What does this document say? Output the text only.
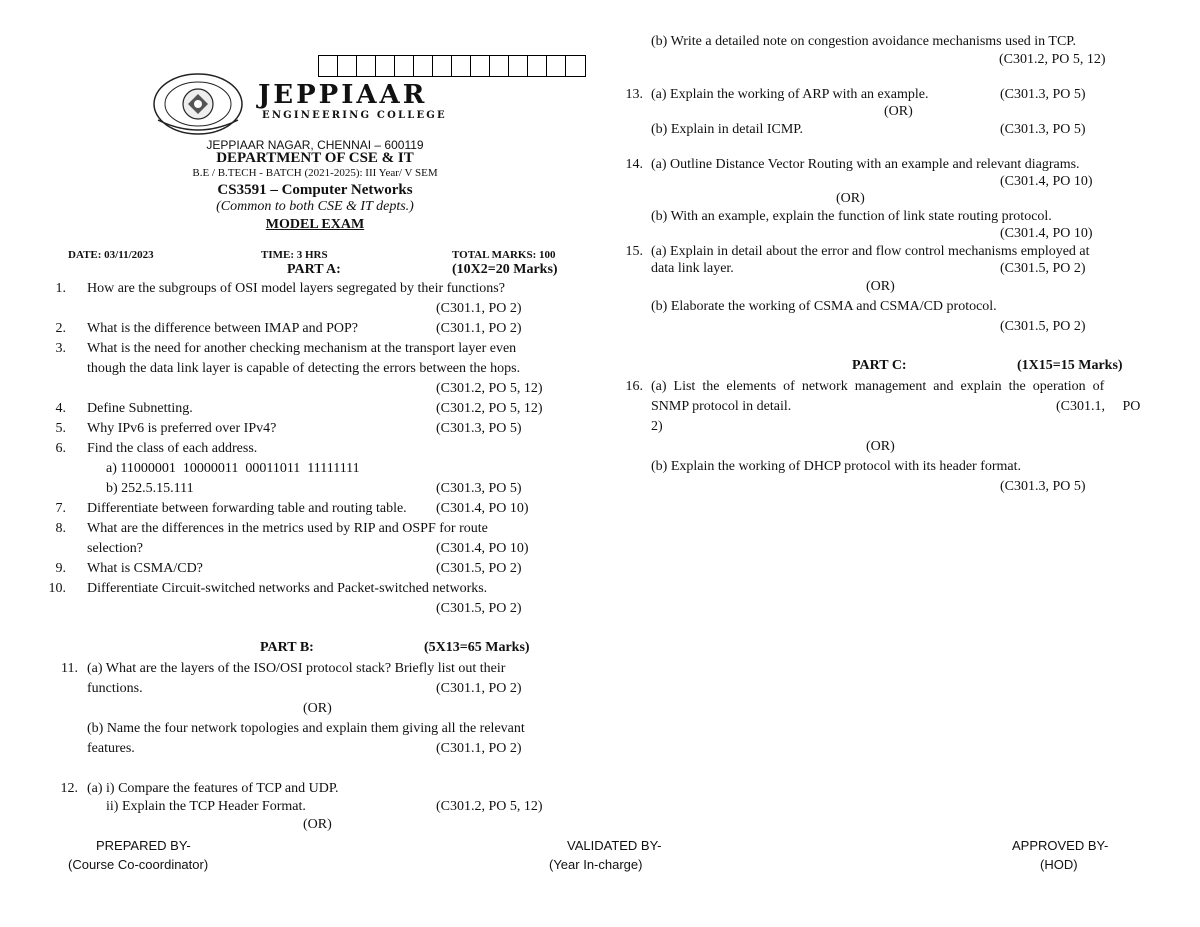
JEPPIAAR
ENGINEERING COLLEGE
JEPPIAAR NAGAR, CHENNAI – 600119
DEPARTMENT OF CSE & IT
B.E / B.TECH - BATCH (2021-2025): III Year/ V SEM
CS3591 – Computer Networks
(Common to both CSE & IT depts.)
MODEL EXAM
DATE: 03/11/2023	TIME: 3 HRS	TOTAL MARKS: 100
PART A:	(10X2=20 Marks)
1. How are the subgroups of OSI model layers segregated by their functions?
(C301.1, PO 2)
2. What is the difference between IMAP and POP?	(C301.1, PO 2)
3. What is the need for another checking mechanism at the transport layer even
though the data link layer is capable of detecting the errors between the hops.
(C301.2, PO 5, 12)
4. Define Subnetting.	(C301.2, PO 5, 12)
5. Why IPv6 is preferred over IPv4?	(C301.3, PO 5)
6. Find the class of each address.
a) 11000001  10000011  00011011  11111111
b) 252.5.15.111	(C301.3, PO 5)
7. Differentiate between forwarding table and routing table. (C301.4, PO 10)
8. What are the differences in the metrics used by RIP and OSPF for route
selection?	(C301.4, PO 10)
9. What is CSMA/CD?	(C301.5, PO 2)
10. Differentiate Circuit-switched networks and Packet-switched networks.
(C301.5, PO 2)
PART B:	(5X13=65 Marks)
11. (a) What are the layers of the ISO/OSI protocol stack? Briefly list out their
functions.	(C301.1, PO 2)
(OR)
(b) Name the four network topologies and explain them giving all the relevant
features.	(C301.1, PO 2)
12. (a) i) Compare the features of TCP and UDP.
ii) Explain the TCP Header Format.	(C301.2, PO 5, 12)
(OR)
(b) Write a detailed note on congestion avoidance mechanisms used in TCP.
(C301.2, PO 5, 12)
13. (a) Explain the working of ARP with an example.	(C301.3, PO 5)
(OR)
(b) Explain in detail ICMP.	(C301.3, PO 5)
14. (a) Outline Distance Vector Routing with an example and relevant diagrams.
(C301.4, PO 10)
(OR)
(b) With an example, explain the function of link state routing protocol.
(C301.4, PO 10)
15. (a) Explain in detail about the error and flow control mechanisms employed at
data link layer.	(C301.5, PO 2)
(OR)
(b) Elaborate the working of CSMA and CSMA/CD protocol.
(C301.5, PO 2)
PART C:	(1X15=15 Marks)
16. (a)  List  the  elements  of  network  management  and  explain  the  operation  of
SNMP protocol in detail.	(C301.1,     PO
2)
(OR)
(b) Explain the working of DHCP protocol with its header format.
(C301.3, PO 5)
PREPARED BY-
(Course Co-coordinator)
VALIDATED BY-
(Year In-charge)
APPROVED BY-
(HOD)
